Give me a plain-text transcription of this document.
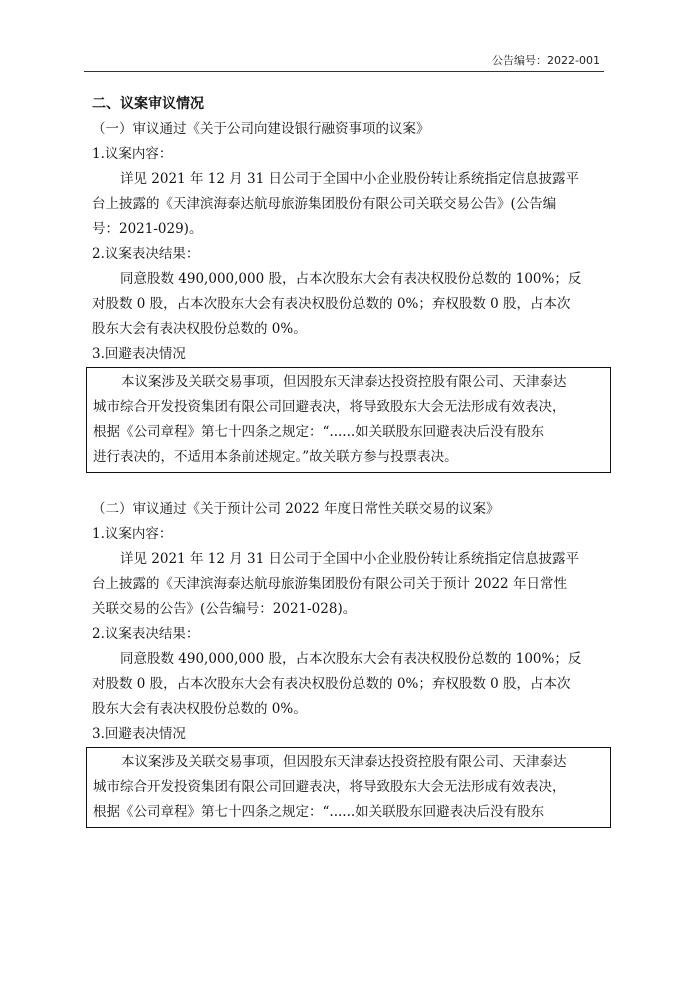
公告编号：2022-001
二、议案审议情况
（一）审议通过《关于公司向建设银行融资事项的议案》
1.议案内容：
详见 2021 年 12 月 31 日公司于全国中小企业股份转让系统指定信息披露平
台上披露的《天津滨海泰达航母旅游集团股份有限公司关联交易公告》(公告编
号：2021-029)。
2.议案表决结果：
同意股数 490,000,000 股，占本次股东大会有表决权股份总数的 100%；反
对股数 0 股，占本次股东大会有表决权股份总数的 0%；弃权股数 0 股，占本次
股东大会有表决权股份总数的 0%。
3.回避表决情况
本议案涉及关联交易事项，但因股东天津泰达投资控股有限公司、天津泰达
城市综合开发投资集团有限公司回避表决，将导致股东大会无法形成有效表决，
根据《公司章程》第七十四条之规定：“......如关联股东回避表决后没有股东
进行表决的，不适用本条前述规定。”故关联方参与投票表决。
（二）审议通过《关于预计公司 2022 年度日常性关联交易的议案》
1.议案内容：
详见 2021 年 12 月 31 日公司于全国中小企业股份转让系统指定信息披露平
台上披露的《天津滨海泰达航母旅游集团股份有限公司关于预计 2022 年日常性
关联交易的公告》(公告编号：2021-028)。
2.议案表决结果：
同意股数 490,000,000 股，占本次股东大会有表决权股份总数的 100%；反
对股数 0 股，占本次股东大会有表决权股份总数的 0%；弃权股数 0 股，占本次
股东大会有表决权股份总数的 0%。
3.回避表决情况
本议案涉及关联交易事项，但因股东天津泰达投资控股有限公司、天津泰达
城市综合开发投资集团有限公司回避表决，将导致股东大会无法形成有效表决，
根据《公司章程》第七十四条之规定：“......如关联股东回避表决后没有股东
